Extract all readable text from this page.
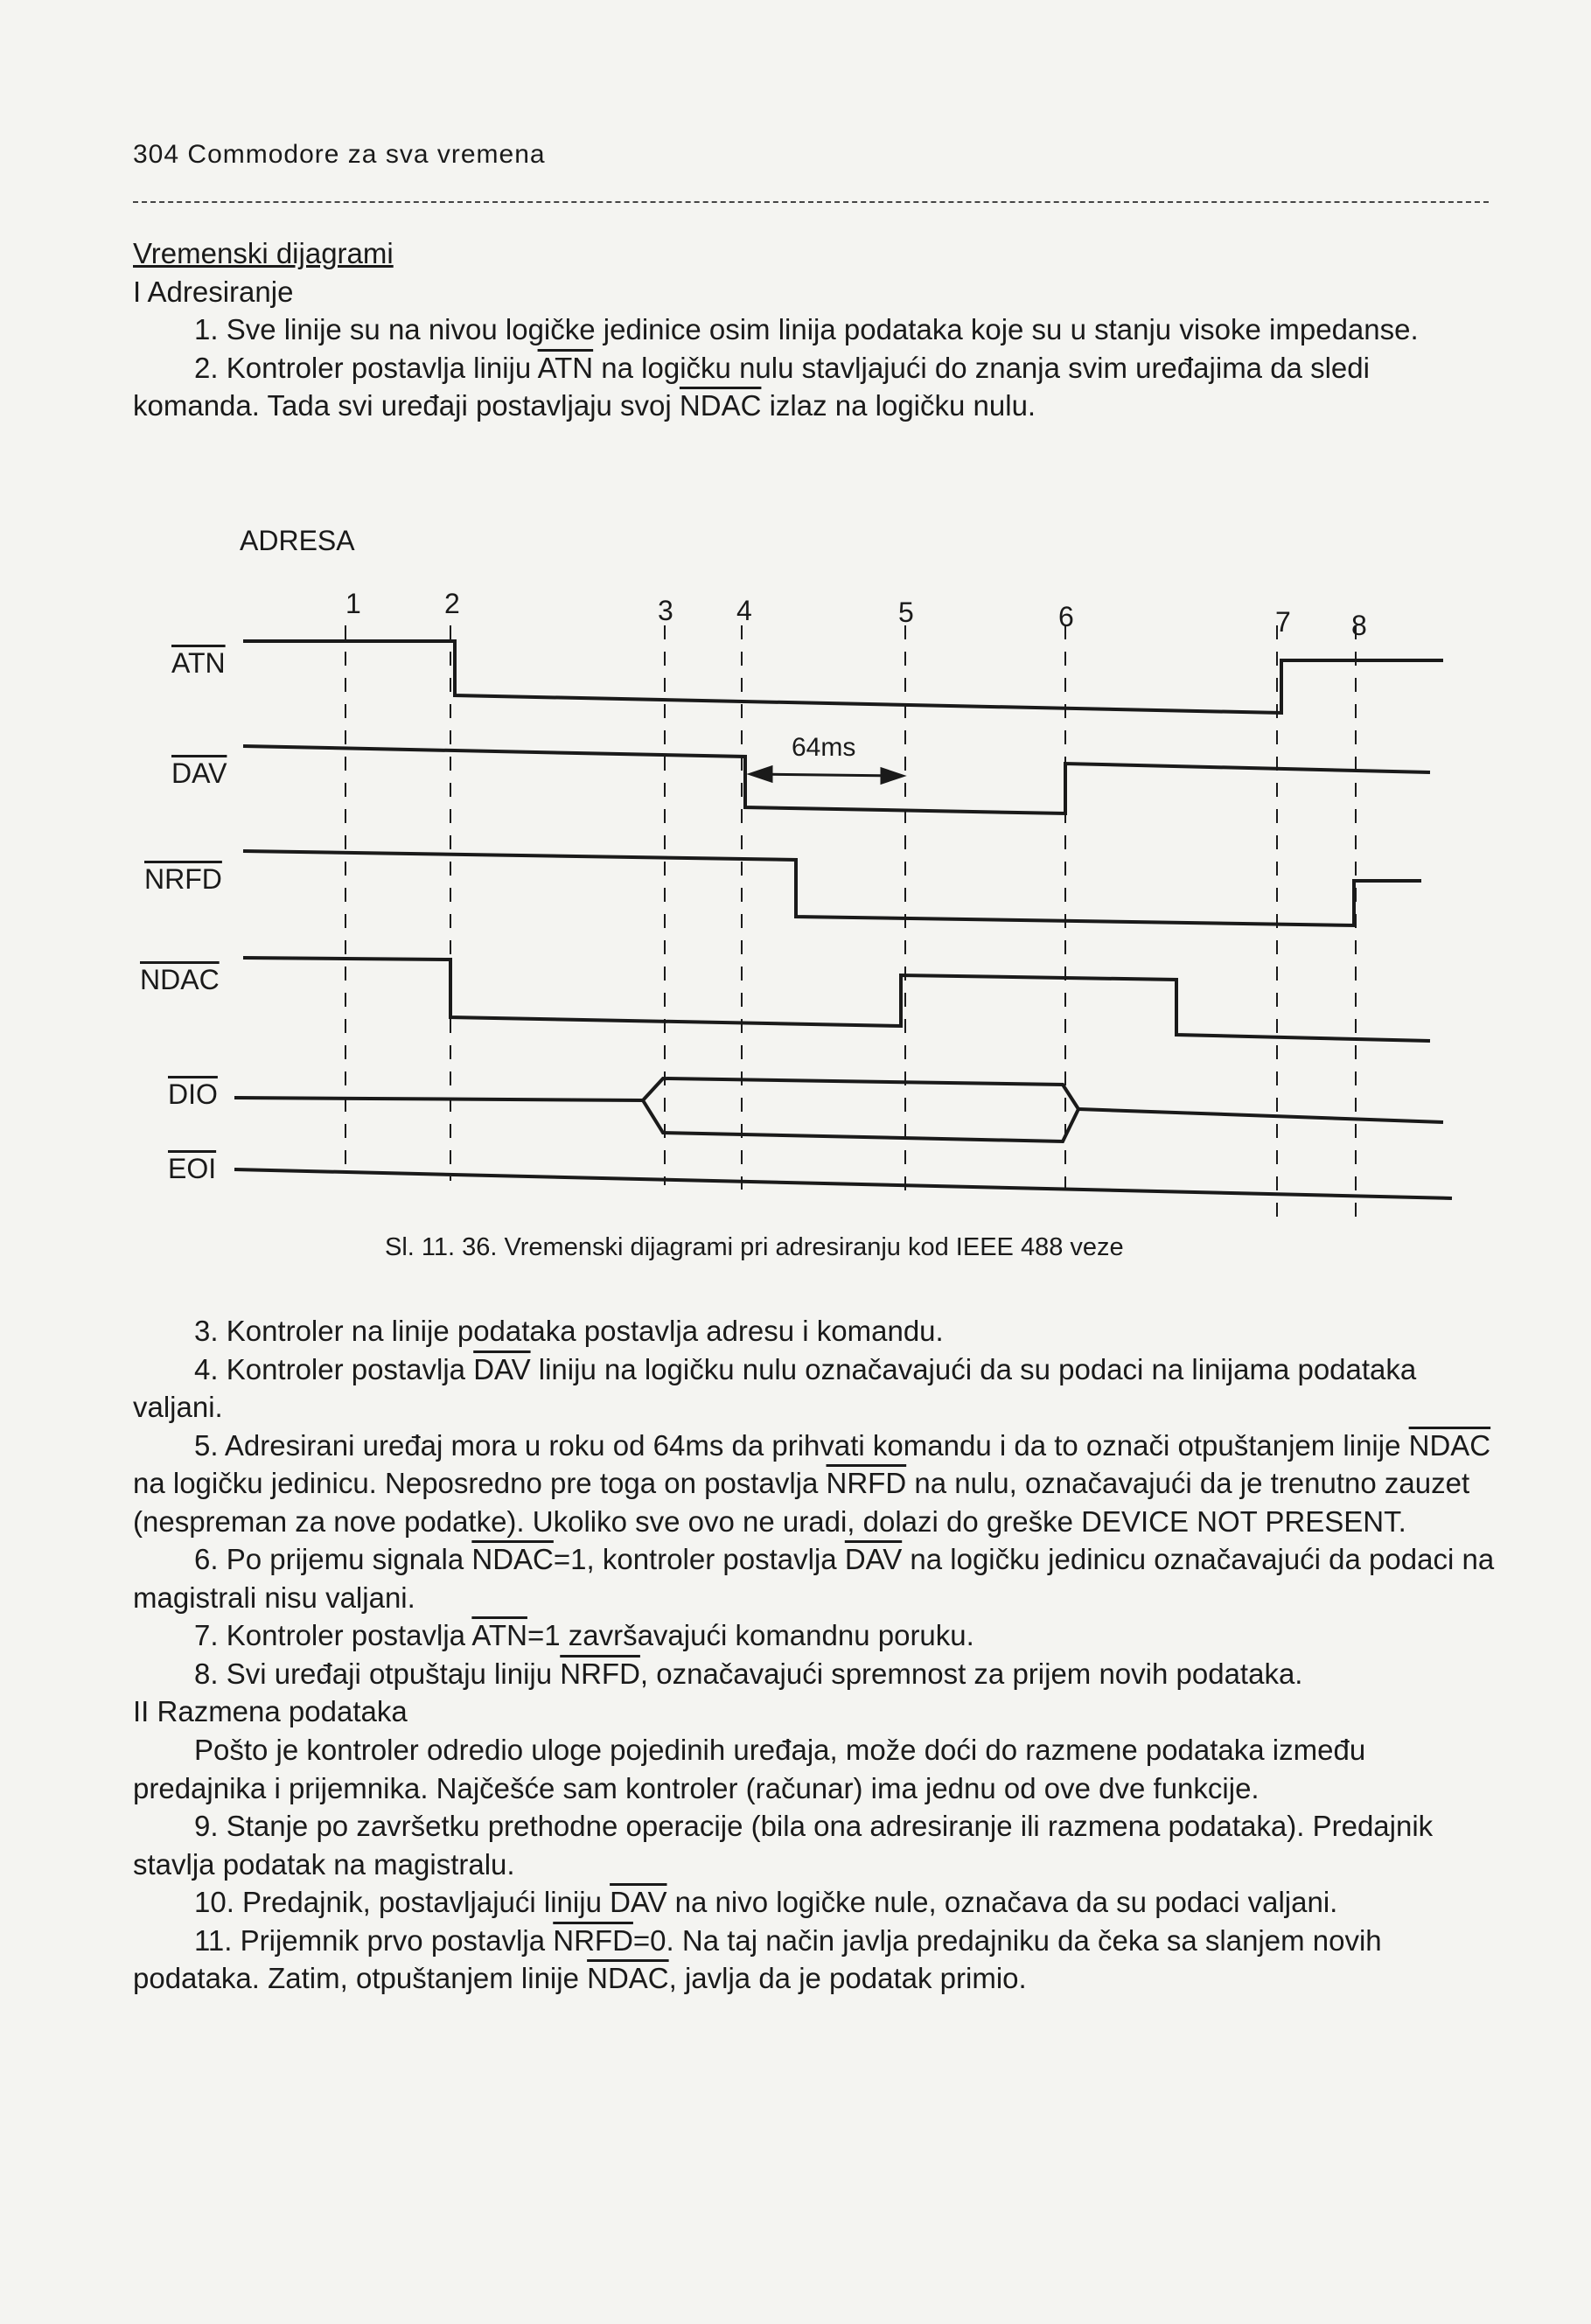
304 Commodore za sva vremena

Vremenski dijagrami

I Adresiranje

1. Sve linije su na nivou logičke jedinice osim linija podataka koje su u stanju visoke impedanse.

2. Kontroler postavlja liniju $\overline{ATN}$ na logičku nulu stavljajući do znanja svim uređajima da sledi komanda. Tada svi uređaji postavljaju svoj NDAC izlaz na logičku nulu.

ADRESA
1	2	3 4	5	6	7 8
$\overline{ATN}$
$\overline{DAV}$
NRFD
NDAC
$\overline{DIO}$
$\overline{EOI}$
64ms
Sl. 11. 36. Vremenski dijagrami pri adresiranju kod IEEE 488 veze

3. Kontroler na linije podataka postavlja adresu i komandu.

4. Kontroler postavlja $\overline{DAV}$ liniju na logičku nulu označavajući da su podaci na linijama podataka valjani.

5. Adresirani uređaj mora u roku od 64ms da prihvati komandu i da to označi otpuštanjem linije NDAC na logičku jedinicu. Neposredno pre toga on postavlja NRFD na nulu, označavajući da je trenutno zauzet (nespreman za nove podatke). Ukoliko sve ovo ne uradi, dolazi do greške DEVICE NOT PRESENT.

6. Po prijemu signala NDAC=1, kontroler postavlja $\overline{DAV}$ na logičku jedinicu označavajući da podaci na magistrali nisu valjani.

7. Kontroler postavlja $\overline{ATN}=1$ završavajući komandnu poruku.

8. Svi uređaji otpuštaju liniju NRFD, označavajući spremnost za prijem novih podataka.

II Razmena podataka

Pošto je kontroler odredio uloge pojedinih uređaja, može doći do razmene podataka između predajnika i prijemnika. Najčešće sam kontroler (računar) ima jednu od ove dve funkcije.

9. Stanje po završetku prethodne operacije (bila ona adresiranje ili razmena podataka). Predajnik stavlja podatak na magistralu.

10. Predajnik, postavljajući liniju $\overline{DAV}$ na nivo logičke nule, označava da su podaci valjani.

11. Prijemnik prvo postavlja NRFD=0. Na taj način javlja predajniku da čeka sa slanjem novih podataka. Zatim, otpuštanjem linije NDAC, javlja da je podatak primio.
